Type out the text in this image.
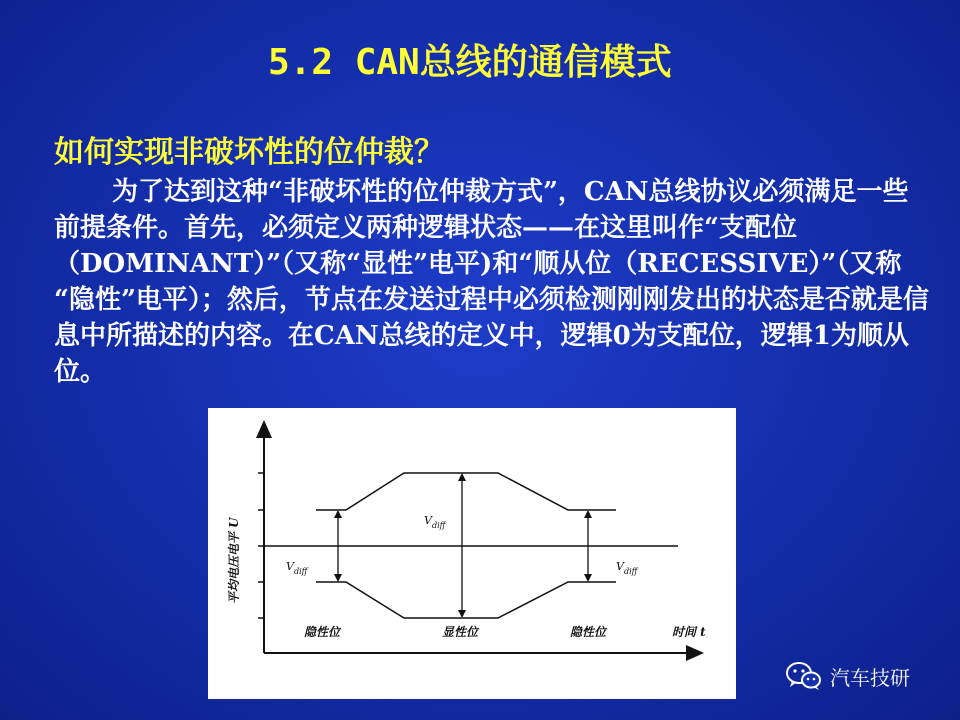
5.2 CAN总线的通信模式
如何实现非破坏性的位仲裁？
为了达到这种“非破坏性的位仲裁方式”，CAN总线协议必须满足一些前提条件。首先，必须定义两种逻辑状态——在这里叫作“支配位（DOMINANT）”（又称“显性”电平)和“顺从位（RECESSIVE）”（又称 “隐性”电平）；然后，节点在发送过程中必须检测刚刚发出的状态是否就是信息中所描述的内容。在CAN总线的定义中，逻辑0为支配位，逻辑1为顺从位。
$V_{diff}$
$V_{diff}$
$V_{diff}$
平均电压电平 U
隐性位	显性位	隐性位	时间 t
汽车技研
